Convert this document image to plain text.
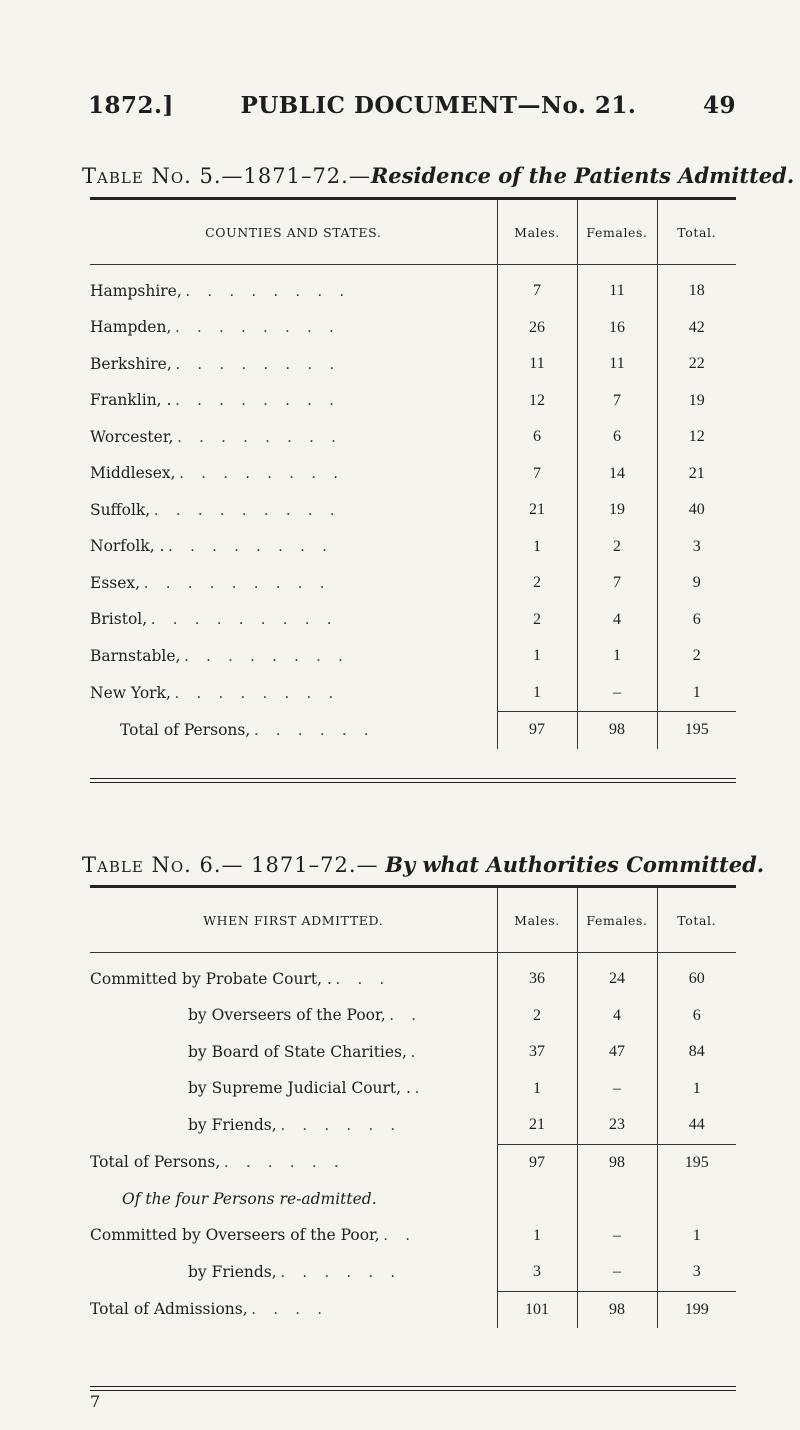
1872.]	PUBLIC DOCUMENT—No. 21.	49
Table No. 5.—1871–72.—Residence of the Patients Admitted.
COUNTIES AND STATES.	Males.	Females.	Total.

Hampshire, . . . . . . . .	7	11	18
Hampden, . . . . . . . .	26	16	42
Berkshire, . . . . . . . .	11	11	22
Franklin, . . . . . . . . .	12	7	19
Worcester, . . . . . . . .	6	6	12
Middlesex, . . . . . . . .	7	14	21
Suffolk, . . . . . . . . .	21	19	40
Norfolk, . . . . . . . . .	1	2	3
Essex, . . . . . . . . .	2	7	9
Bristol, . . . . . . . . .	2	4	6
Barnstable, . . . . . . . .	1	1	2
New York, . . . . . . . .	1	–	1
Total of Persons, . . . . . .	97	98	195
Table No. 6.— 1871–72.— By what Authorities Committed.
WHEN FIRST ADMITTED.	Males.	Females.	Total.

Committed by Probate Court, . . . .	36	24	60
by Overseers of the Poor, . .	2	4	6
by Board of State Charities, .	37	47	84
by Supreme Judicial Court, . .	1	–	1
by Friends, . . . . . .	21	23	44
Total of Persons, . . . . . .	97	98	195
Of the four Persons re-admitted.			
Committed by Overseers of the Poor, . .	1	–	1
by Friends, . . . . . .	3	–	3
Total of Admissions, . . . .	101	98	199
7
